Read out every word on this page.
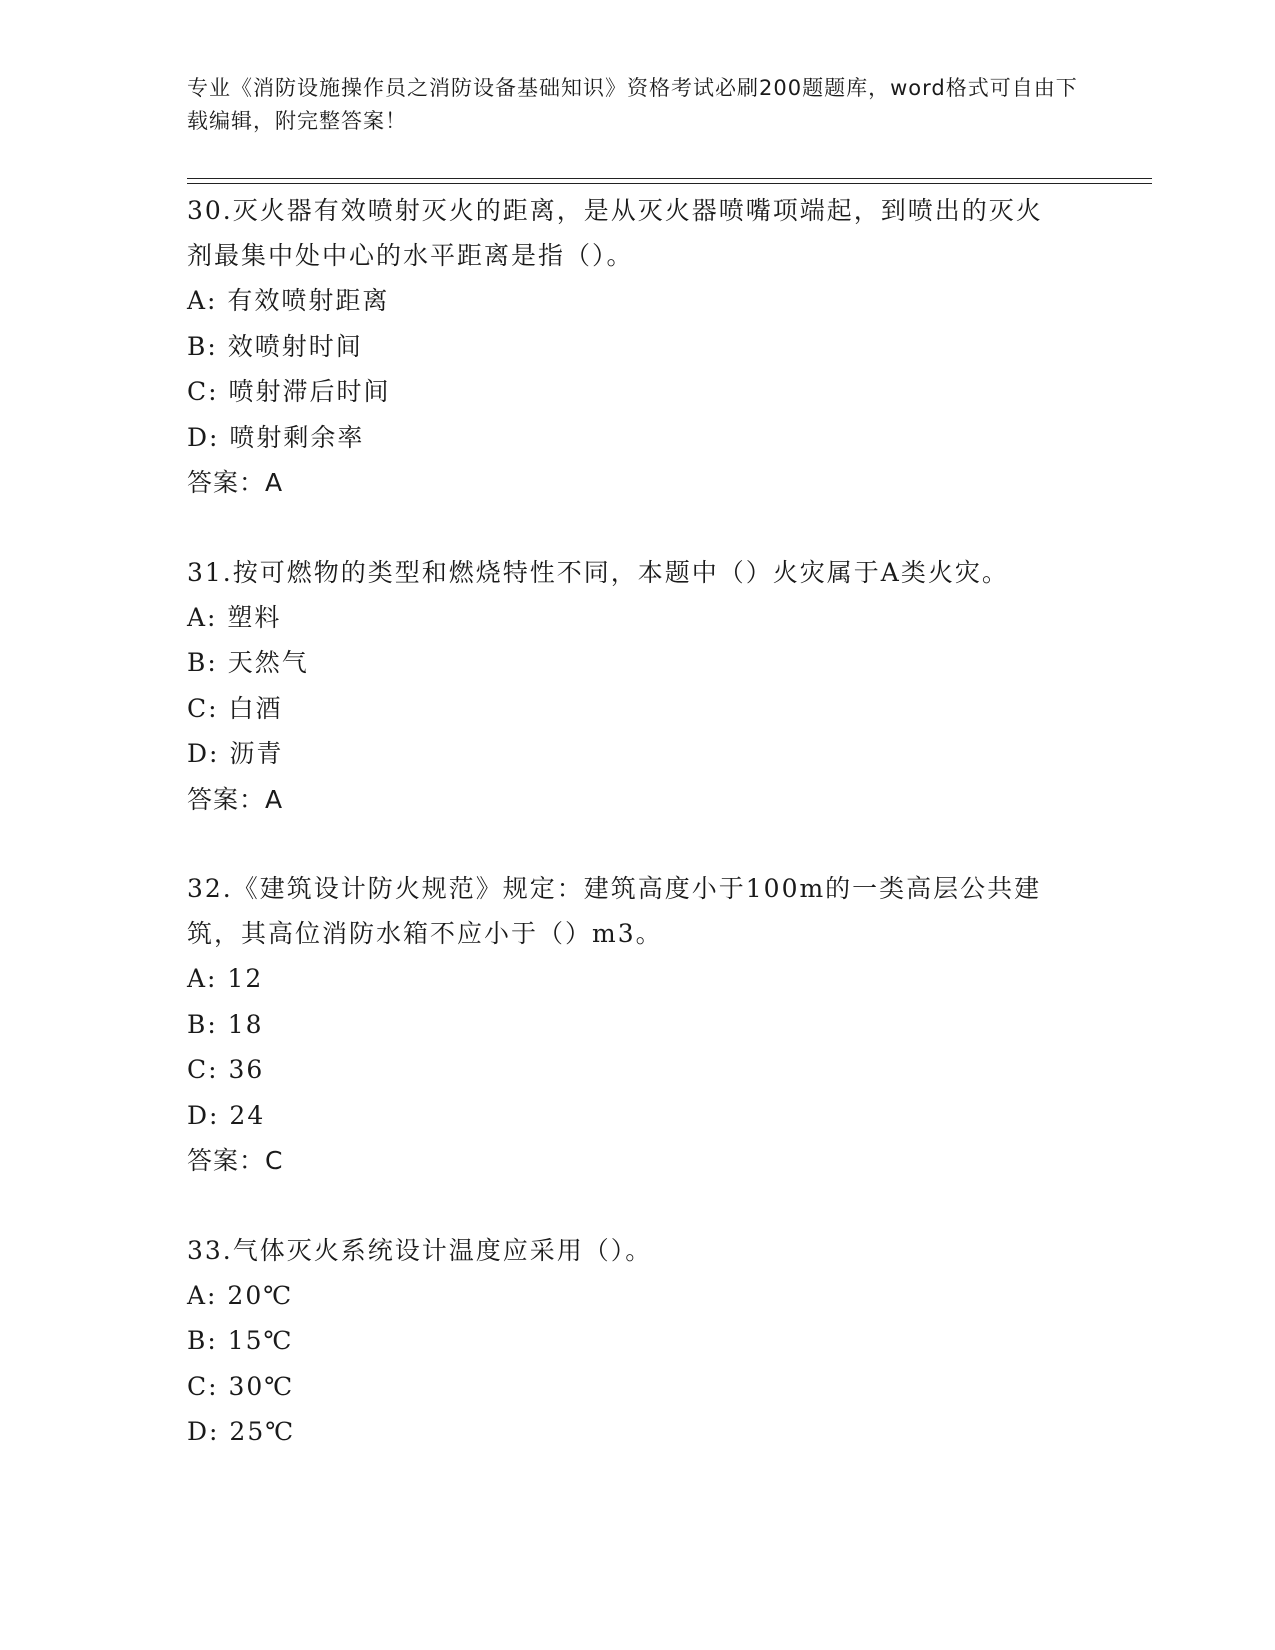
专业《消防设施操作员之消防设备基础知识》资格考试必刷200题题库，word格式可自由下载编辑，附完整答案！
30.灭火器有效喷射灭火的距离，是从灭火器喷嘴项端起，到喷出的灭火剂最集中处中心的水平距离是指（）。
A: 有效喷射距离
B: 效喷射时间
C: 喷射滞后时间
D: 喷射剩余率
答案：A
31.按可燃物的类型和燃烧特性不同，本题中（）火灾属于A类火灾。
A: 塑料
B: 天然气
C: 白酒
D: 沥青
答案：A
32.《建筑设计防火规范》规定：建筑高度小于100m的一类高层公共建筑，其高位消防水箱不应小于（）m3。
A: 12
B: 18
C: 36
D: 24
答案：C
33.气体灭火系统设计温度应采用（）。
A: 20℃
B: 15℃
C: 30℃
D: 25℃
